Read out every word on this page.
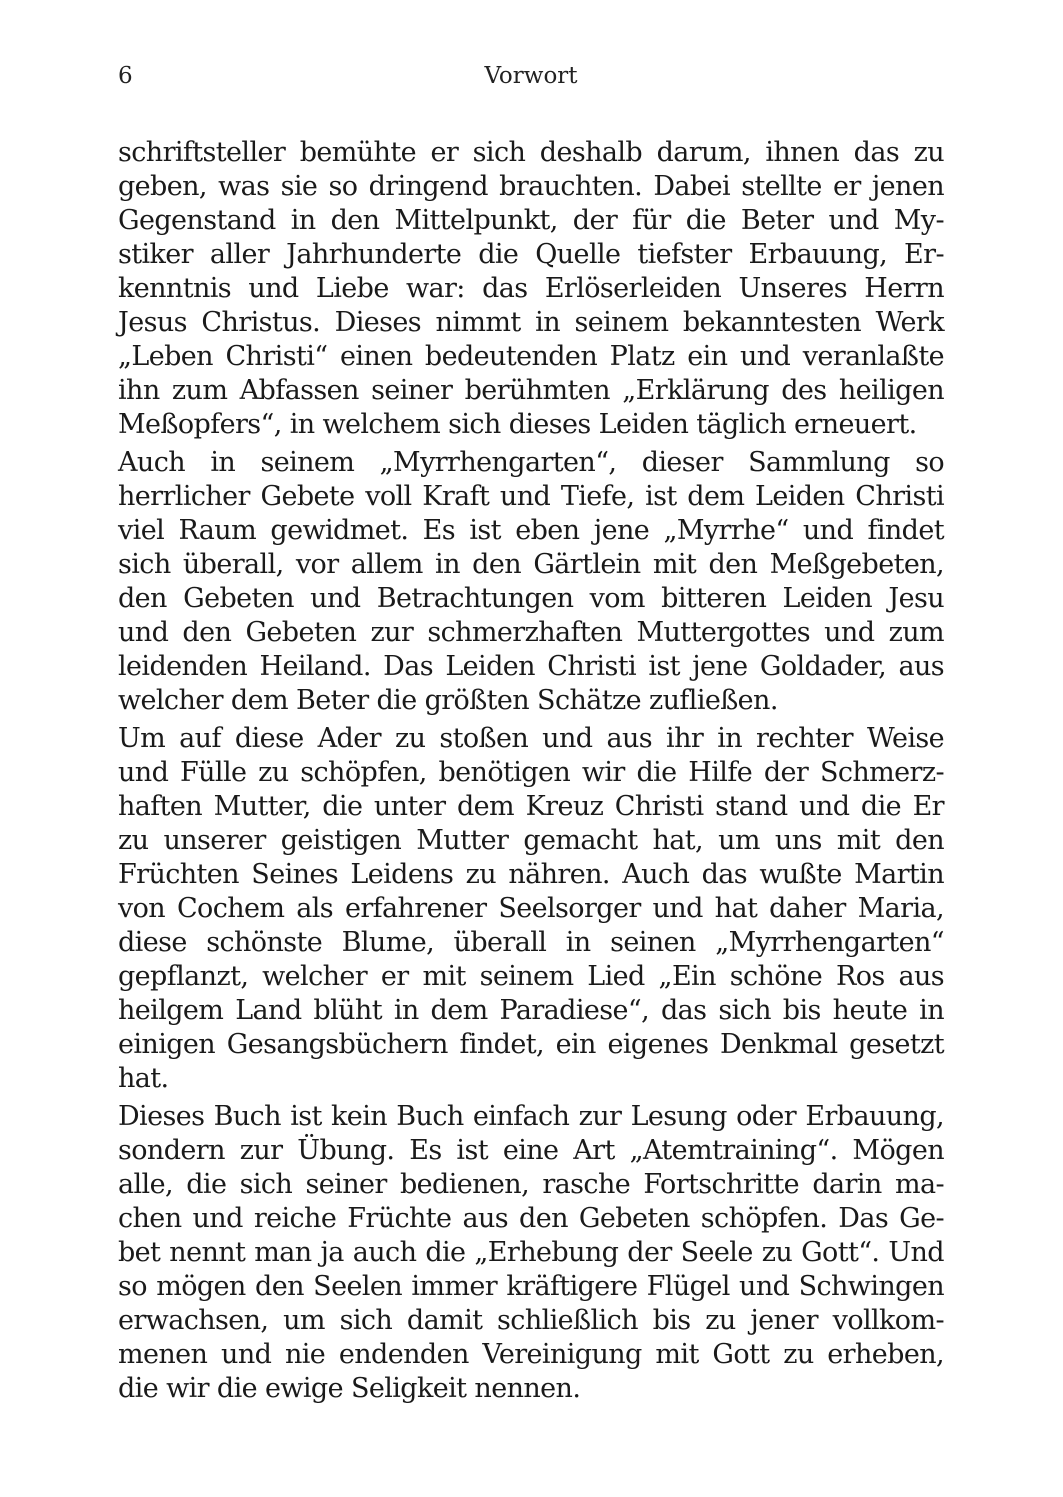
6	Vorwort
schriftsteller bemühte er sich deshalb darum, ihnen das zu
geben, was sie so dringend brauchten. Dabei stellte er jenen
Gegenstand in den Mittelpunkt, der für die Beter und My-
stiker aller Jahrhunderte die Quelle tiefster Erbauung, Er-
kenntnis und Liebe war: das Erlöserleiden Unseres Herrn
Jesus Christus. Dieses nimmt in seinem bekanntesten Werk
„Leben Christi“ einen bedeutenden Platz ein und veranlaßte
ihn zum Abfassen seiner berühmten „Erklärung des heiligen
Meßopfers“, in welchem sich dieses Leiden täglich erneuert.
Auch in seinem „Myrrhengarten“, dieser Sammlung so
herrlicher Gebete voll Kraft und Tiefe, ist dem Leiden Christi
viel Raum gewidmet. Es ist eben jene „Myrrhe“ und findet
sich überall, vor allem in den Gärtlein mit den Meßgebeten,
den Gebeten und Betrachtungen vom bitteren Leiden Jesu
und den Gebeten zur schmerzhaften Muttergottes und zum
leidenden Heiland. Das Leiden Christi ist jene Goldader, aus
welcher dem Beter die größten Schätze zufließen.
Um auf diese Ader zu stoßen und aus ihr in rechter Weise
und Fülle zu schöpfen, benötigen wir die Hilfe der Schmerz-
haften Mutter, die unter dem Kreuz Christi stand und die Er
zu unserer geistigen Mutter gemacht hat, um uns mit den
Früchten Seines Leidens zu nähren. Auch das wußte Martin
von Cochem als erfahrener Seelsorger und hat daher Maria,
diese schönste Blume, überall in seinen „Myrrhengarten“
gepflanzt, welcher er mit seinem Lied „Ein schöne Ros aus
heilgem Land blüht in dem Paradiese“, das sich bis heute in
einigen Gesangsbüchern findet, ein eigenes Denkmal gesetzt
hat.
Dieses Buch ist kein Buch einfach zur Lesung oder Erbauung,
sondern zur Übung. Es ist eine Art „Atemtraining“. Mögen
alle, die sich seiner bedienen, rasche Fortschritte darin ma-
chen und reiche Früchte aus den Gebeten schöpfen. Das Ge-
bet nennt man ja auch die „Erhebung der Seele zu Gott“. Und
so mögen den Seelen immer kräftigere Flügel und Schwingen
erwachsen, um sich damit schließlich bis zu jener vollkom-
menen und nie endenden Vereinigung mit Gott zu erheben,
die wir die ewige Seligkeit nennen.
